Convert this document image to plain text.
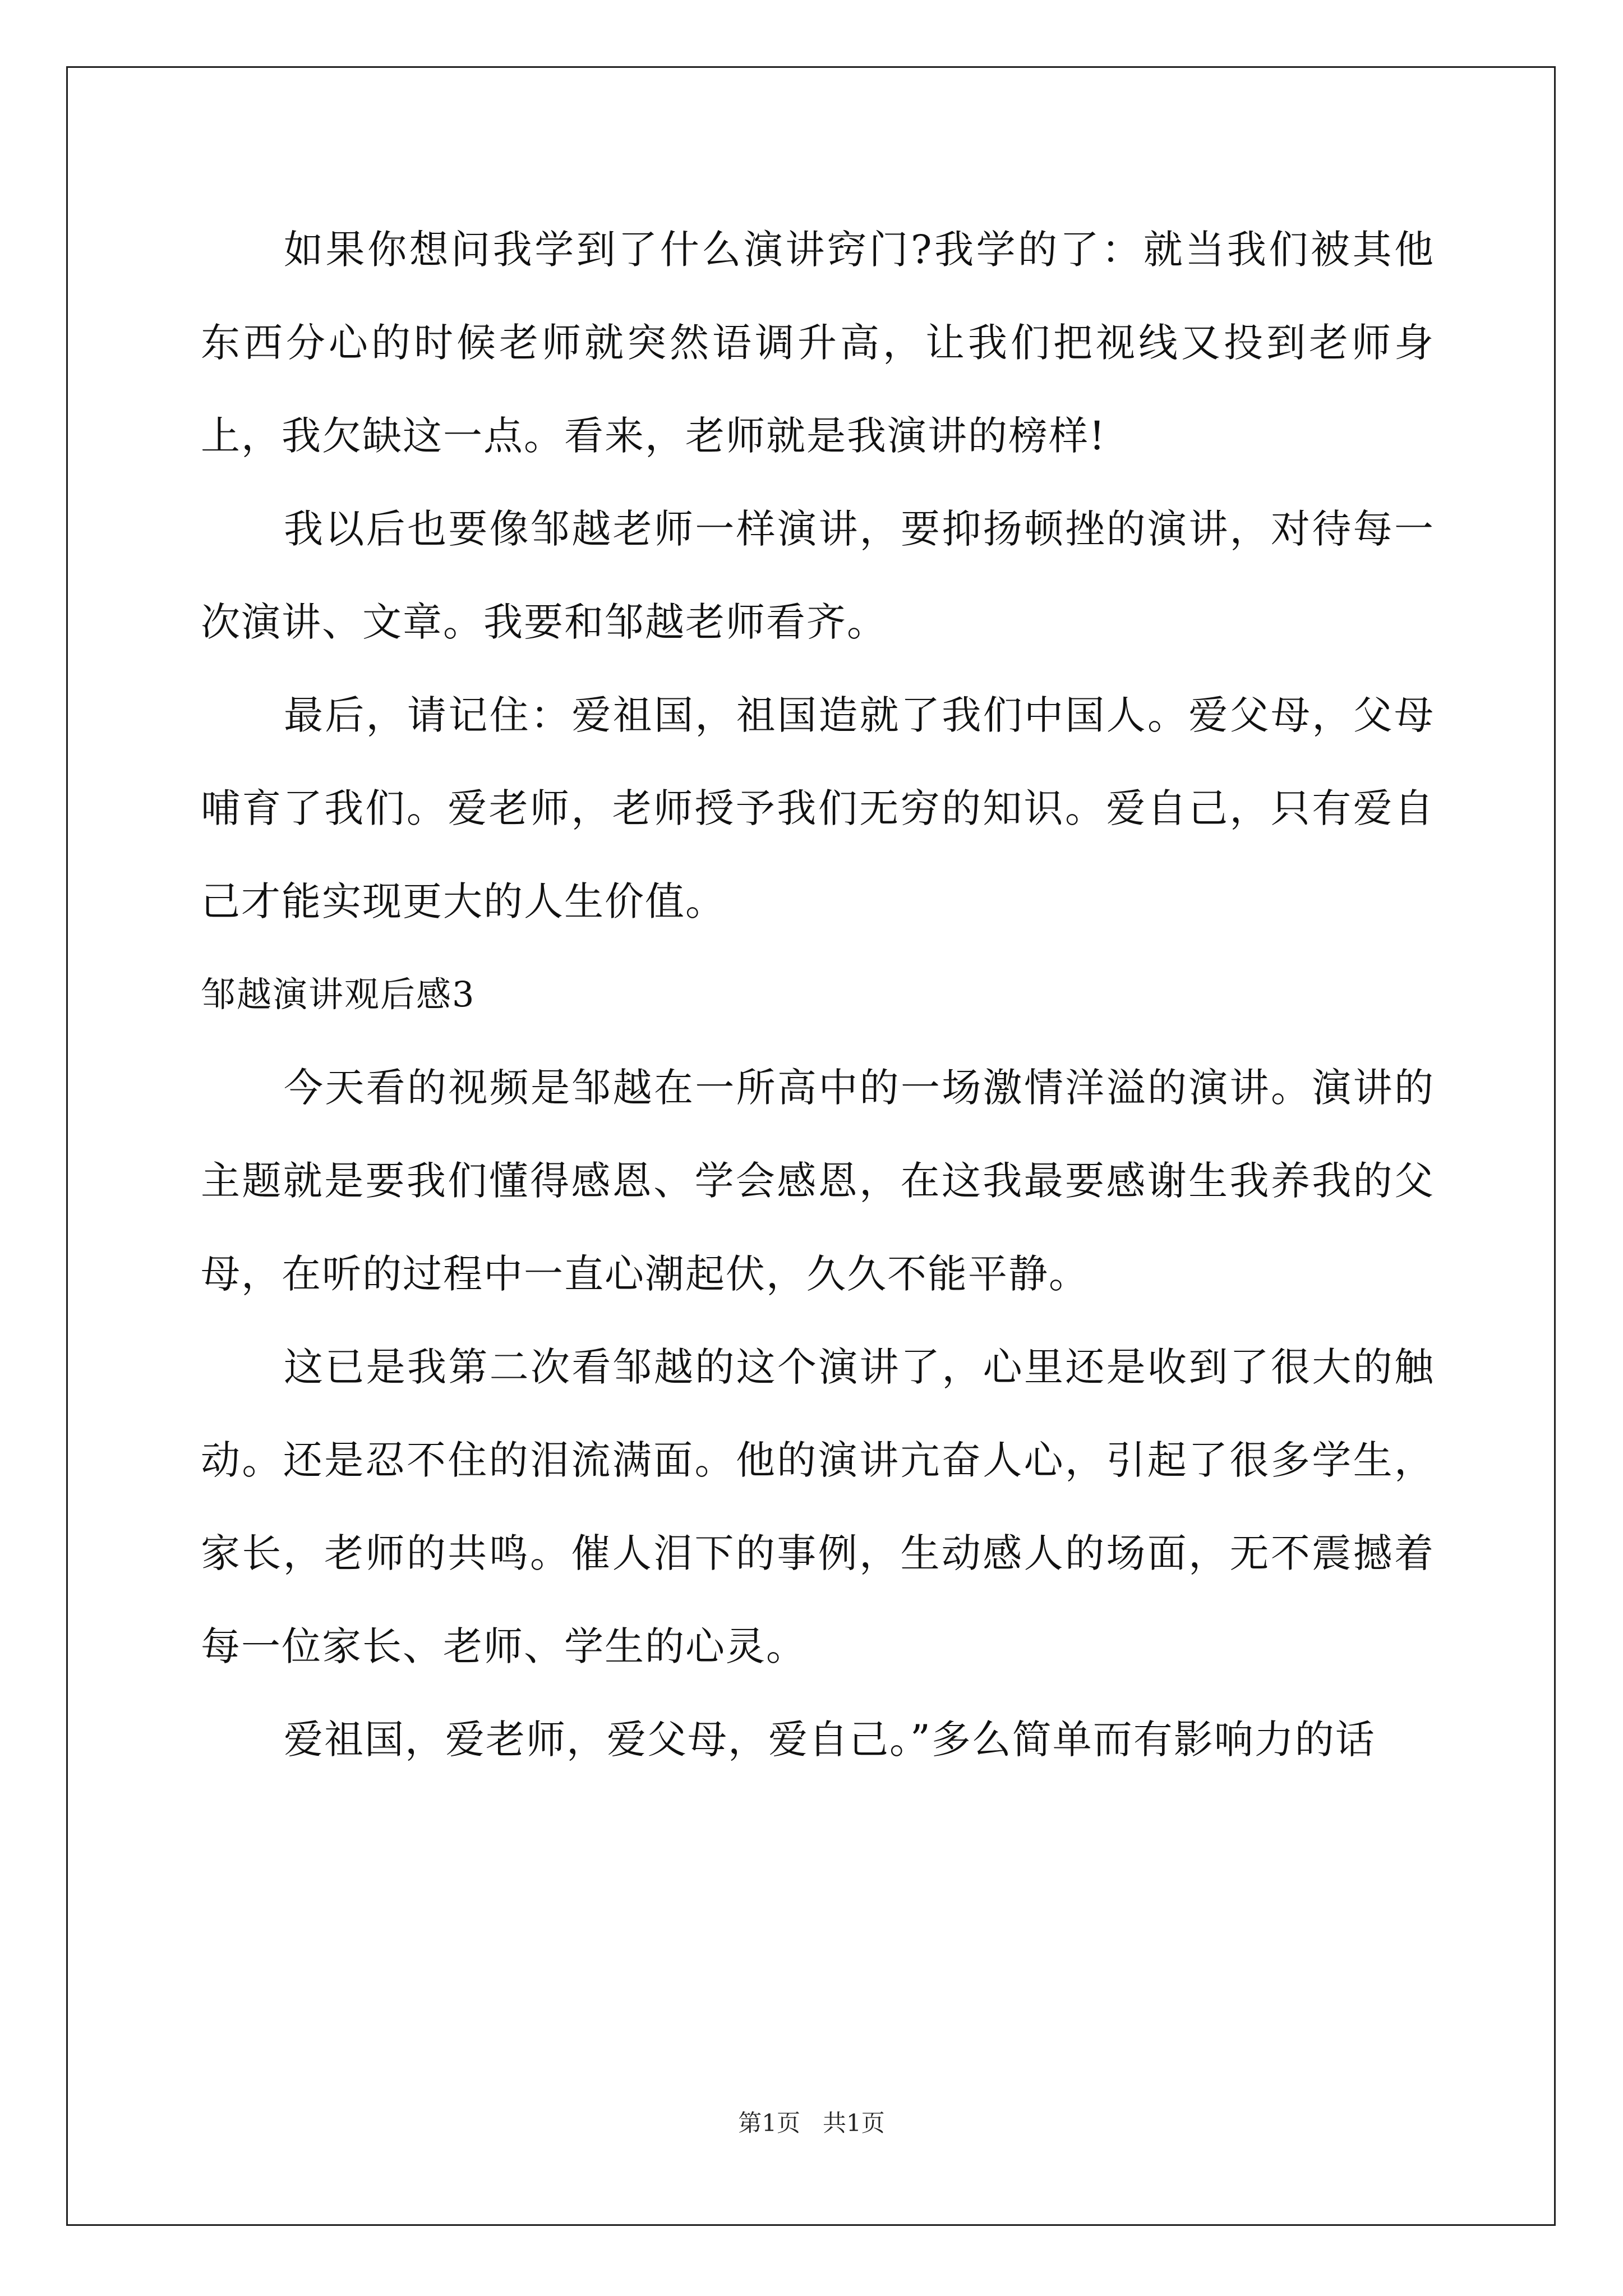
如果你想问我学到了什么演讲窍门?我学的了：就当我们被其他东西分心的时候老师就突然语调升高，让我们把视线又投到老师身上，我欠缺这一点。看来，老师就是我演讲的榜样!

我以后也要像邹越老师一样演讲，要抑扬顿挫的演讲，对待每一次演讲、文章。我要和邹越老师看齐。

最后，请记住：爱祖国，祖国造就了我们中国人。爱父母，父母哺育了我们。爱老师，老师授予我们无穷的知识。爱自己，只有爱自己才能实现更大的人生价值。

邹越演讲观后感3

今天看的视频是邹越在一所高中的一场激情洋溢的演讲。演讲的主题就是要我们懂得感恩、学会感恩，在这我最要感谢生我养我的父母，在听的过程中一直心潮起伏，久久不能平静。

这已是我第二次看邹越的这个演讲了，心里还是收到了很大的触动。还是忍不住的泪流满面。他的演讲亢奋人心，引起了很多学生，家长，老师的共鸣。催人泪下的事例，生动感人的场面，无不震撼着每一位家长、老师、学生的心灵。

爱祖国，爱老师，爱父母，爱自己。”多么简单而有影响力的话

第1页   共1页
